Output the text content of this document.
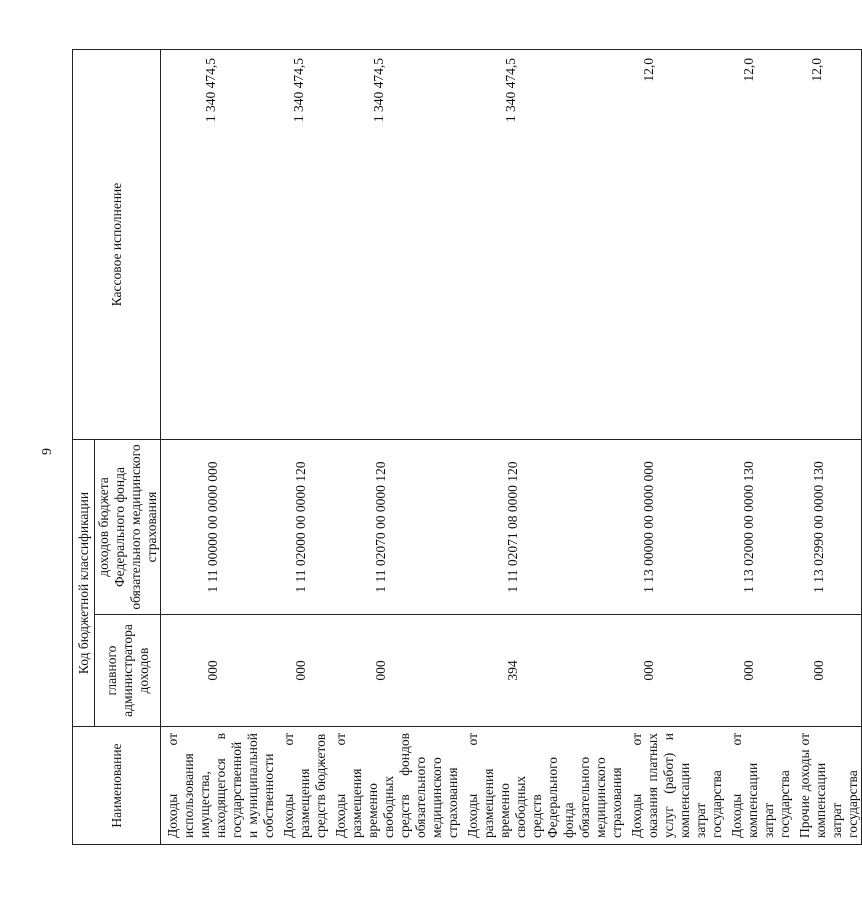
9
Наименование	Код бюджетной классификации		Кассовое исполнение
	главного администратора доходов	доходов бюджета Федерального фонда обязательного медицинского страхования	
Доходы от использования имущества, находящегося в государственной и муниципальной собственности	000	1 11 00000 00 0000 000	1 340 474,5
Доходы от размещения средств бюджетов	000	1 11 02000 00 0000 120	1 340 474,5
Доходы от размещения временно свободных средств фондов обязательного медицинского страхования	000	1 11 02070 00 0000 120	1 340 474,5
Доходы от размещения временно свободных средств Федерального фонда обязательного медицинского страхования	394	1 11 02071 08 0000 120	1 340 474,5
Доходы от оказания платных услуг (работ) и компенсации затрат государства	000	1 13 00000 00 0000 000	12,0
Доходы от компенсации затрат государства	000	1 13 02000 00 0000 130	12,0
Прочие доходы от компенсации затрат государства	000	1 13 02990 00 0000 130	12,0
